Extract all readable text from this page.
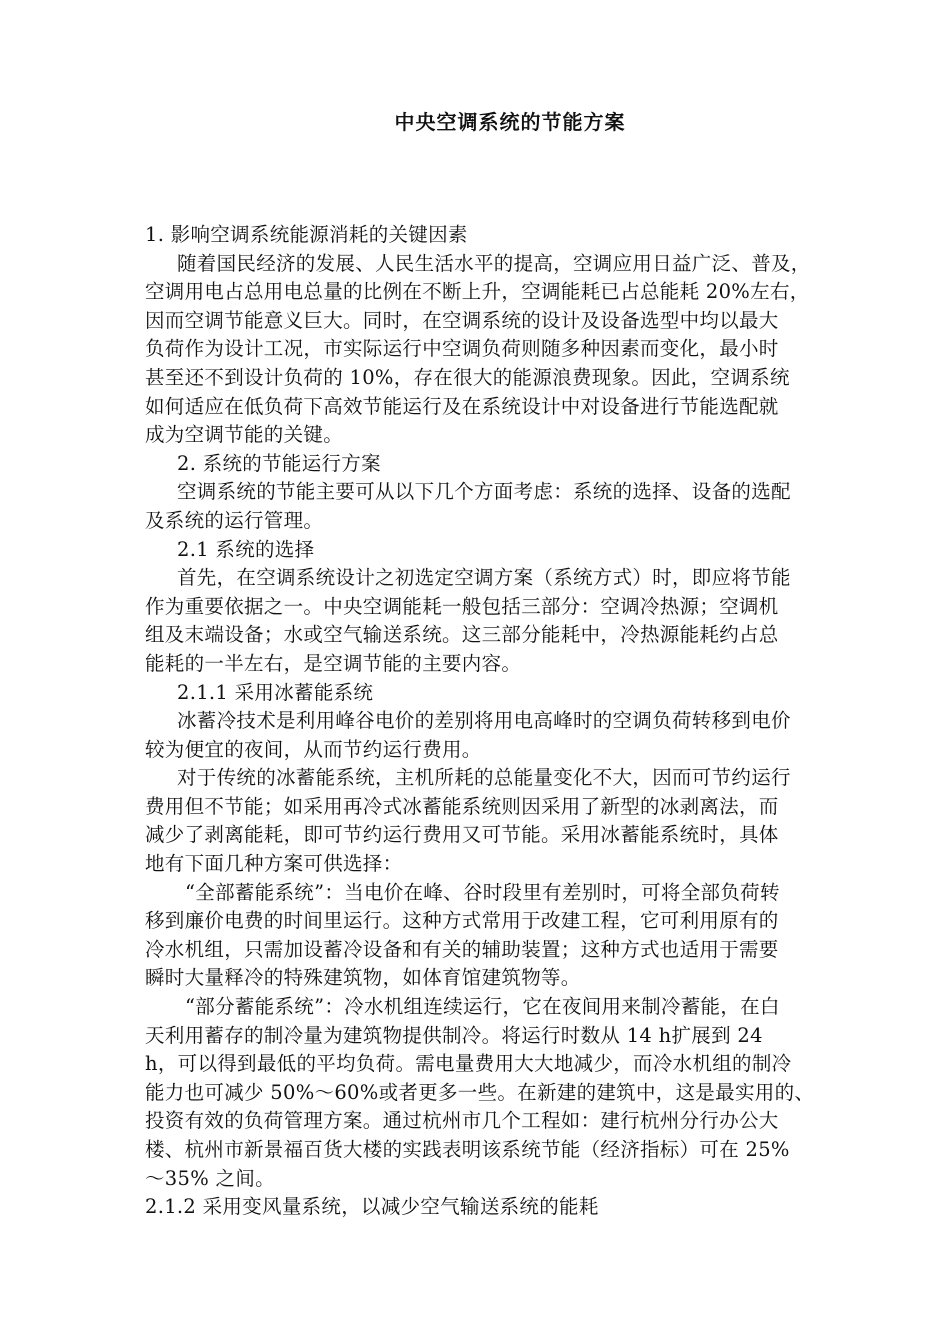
中央空调系统的节能方案

1. 影响空调系统能源消耗的关键因素

随着国民经济的发展、人民生活水平的提高，空调应用日益广泛、普及，

空调用电占总用电总量的比例在不断上升，空调能耗已占总能耗 20%左右，

因而空调节能意义巨大。同时，在空调系统的设计及设备选型中均以最大

负荷作为设计工况，市实际运行中空调负荷则随多种因素而变化，最小时

甚至还不到设计负荷的 10%，存在很大的能源浪费现象。因此，空调系统

如何适应在低负荷下高效节能运行及在系统设计中对设备进行节能选配就

成为空调节能的关键。

2. 系统的节能运行方案

空调系统的节能主要可从以下几个方面考虑：系统的选择、设备的选配

及系统的运行管理。

2.1 系统的选择

首先，在空调系统设计之初选定空调方案（系统方式）时，即应将节能

作为重要依据之一。中央空调能耗一般包括三部分：空调冷热源；空调机

组及末端设备；水或空气输送系统。这三部分能耗中，冷热源能耗约占总

能耗的一半左右，是空调节能的主要内容。

2.1.1 采用冰蓄能系统

冰蓄冷技术是利用峰谷电价的差别将用电高峰时的空调负荷转移到电价

较为便宜的夜间，从而节约运行费用。

对于传统的冰蓄能系统，主机所耗的总能量变化不大，因而可节约运行

费用但不节能；如采用再冷式冰蓄能系统则因采用了新型的冰剥离法，而

减少了剥离能耗，即可节约运行费用又可节能。采用冰蓄能系统时，具体

地有下面几种方案可供选择：

“全部蓄能系统”：当电价在峰、谷时段里有差别时，可将全部负荷转

移到廉价电费的时间里运行。这种方式常用于改建工程，它可利用原有的

冷水机组，只需加设蓄冷设备和有关的辅助装置；这种方式也适用于需要

瞬时大量释冷的特殊建筑物，如体育馆建筑物等。

“部分蓄能系统”：冷水机组连续运行，它在夜间用来制冷蓄能，在白

天利用蓄存的制冷量为建筑物提供制冷。将运行时数从 14 h扩展到 24

h，可以得到最低的平均负荷。需电量费用大大地减少，而冷水机组的制冷

能力也可减少 50%～60%或者更多一些。在新建的建筑中，这是最实用的、

投资有效的负荷管理方案。通过杭州市几个工程如：建行杭州分行办公大

楼、杭州市新景福百货大楼的实践表明该系统节能（经济指标）可在 25%

～35% 之间。

2.1.2 采用变风量系统，以减少空气输送系统的能耗
